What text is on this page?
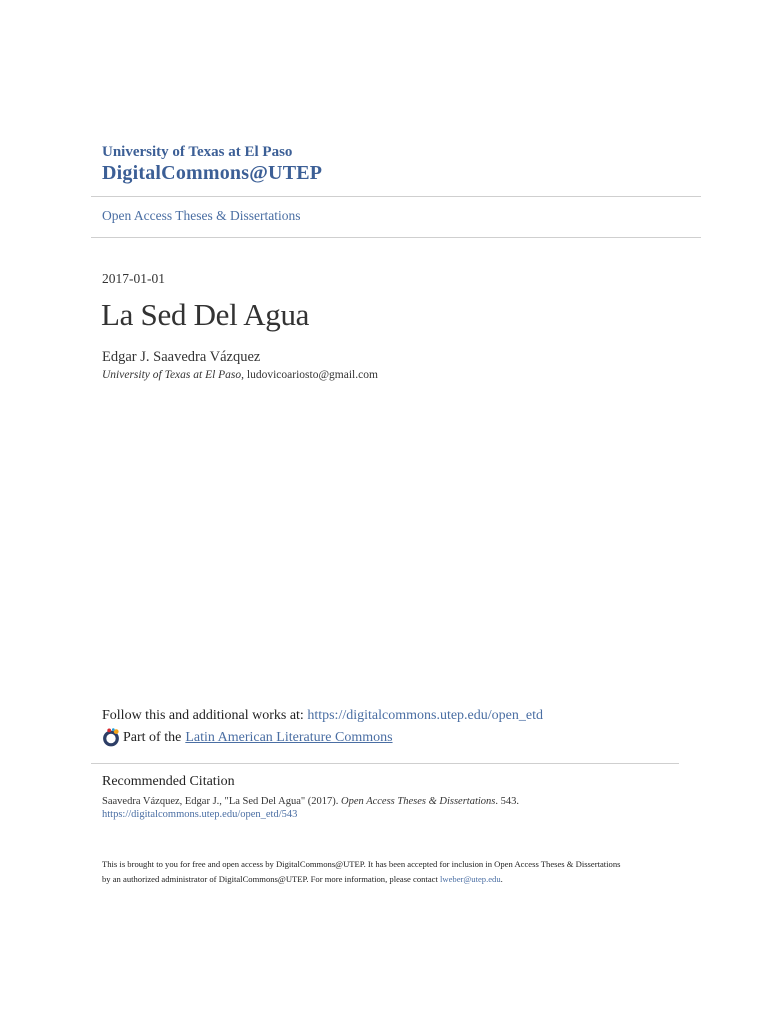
University of Texas at El Paso
DigitalCommons@UTEP
Open Access Theses & Dissertations
2017-01-01
La Sed Del Agua
Edgar J. Saavedra Vázquez
University of Texas at El Paso, ludovicoariosto@gmail.com
Follow this and additional works at: https://digitalcommons.utep.edu/open_etd
Part of the Latin American Literature Commons
Recommended Citation
Saavedra Vázquez, Edgar J., "La Sed Del Agua" (2017). Open Access Theses & Dissertations. 543.
https://digitalcommons.utep.edu/open_etd/543
This is brought to you for free and open access by DigitalCommons@UTEP. It has been accepted for inclusion in Open Access Theses & Dissertations
by an authorized administrator of DigitalCommons@UTEP. For more information, please contact lweber@utep.edu.
